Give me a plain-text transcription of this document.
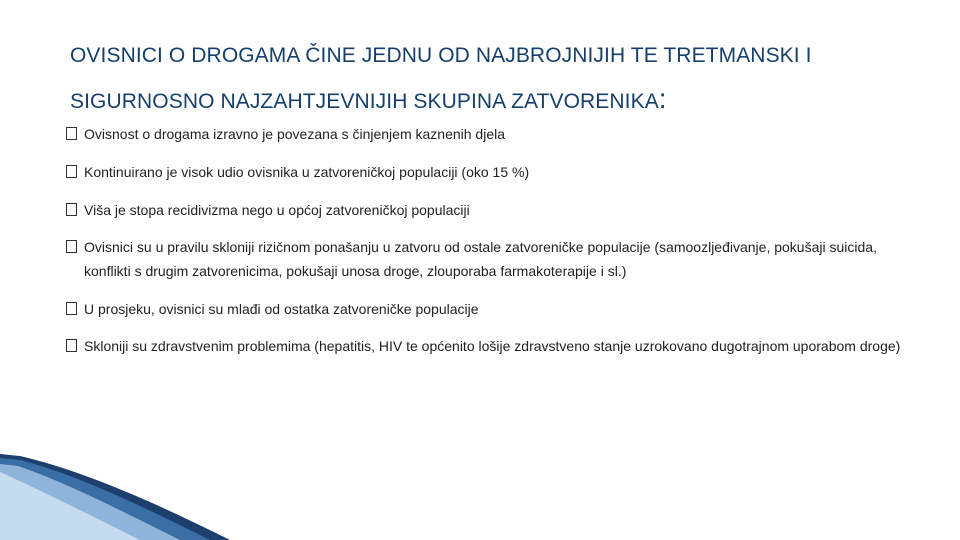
OVISNICI O DROGAMA ČINE JEDNU OD NAJBROJNIJIH TE TRETMANSKI I SIGURNOSNO NAJZAHTJEVNIJIH SKUPINA ZATVORENIKA:
Ovisnost o drogama izravno je povezana s činjenjem kaznenih djela
Kontinuirano je visok udio ovisnika u zatvoreničkoj populaciji (oko 15 %)
Viša je stopa recidivizma nego u općoj zatvoreničkoj populaciji
Ovisnici su u pravilu skloniji rizičnom ponašanju u zatvoru od ostale zatvoreničke populacije (samoozljeđivanje, pokušaji suicida, konflikti s drugim zatvorenicima, pokušaji unosa droge, zlouporaba farmakoterapije i sl.)
U prosjeku, ovisnici su mlađi od ostatka zatvoreničke populacije
Skloniji su zdravstvenim problemima (hepatitis, HIV te općenito lošije zdravstveno stanje uzrokovano dugotrajnom uporabom droge)
